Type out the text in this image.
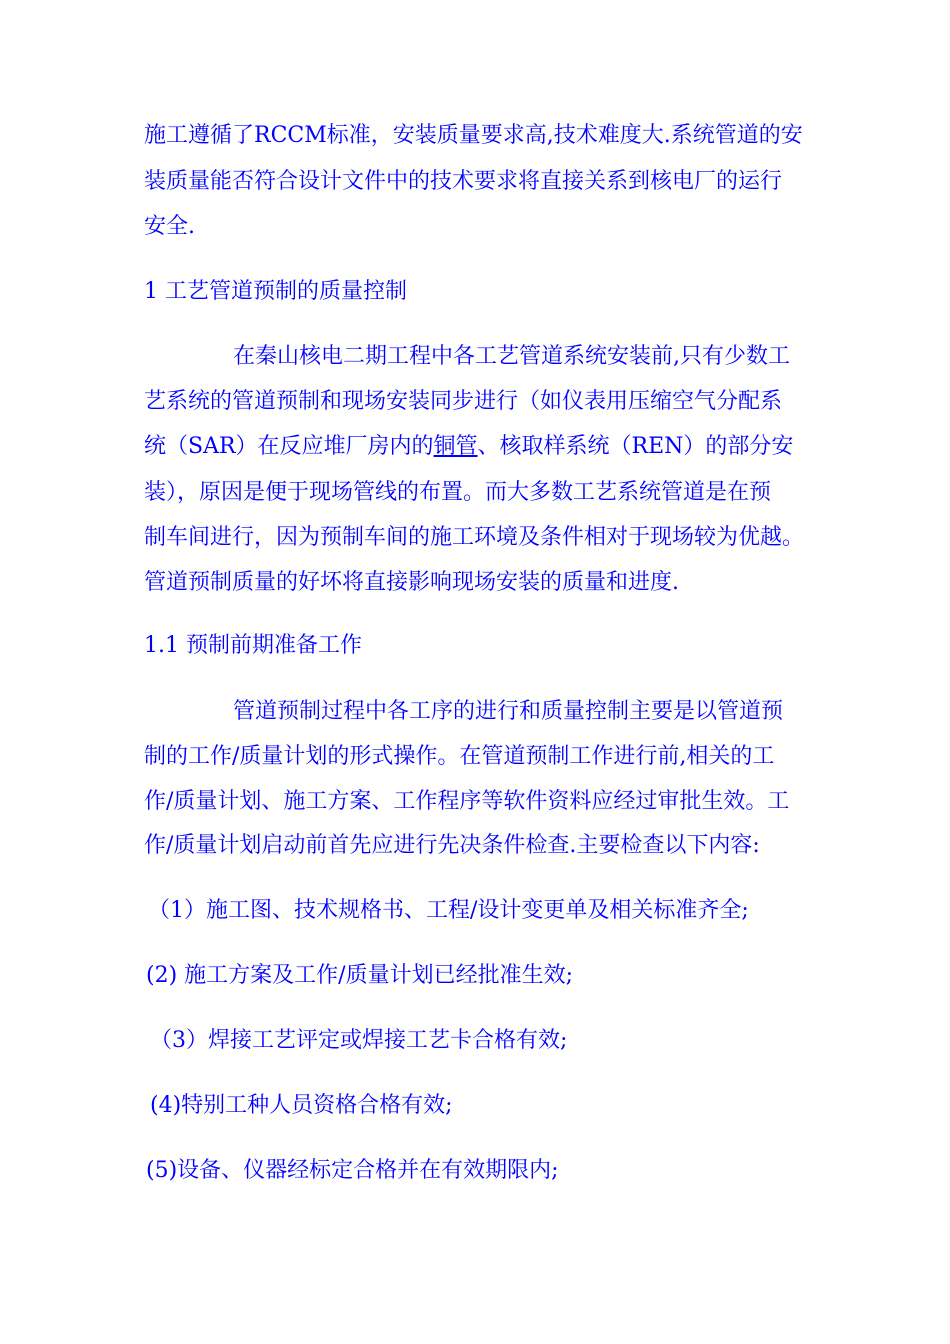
施工遵循了RCCM标准，安装质量要求高,技术难度大.系统管道的安
装质量能否符合设计文件中的技术要求将直接关系到核电厂的运行
安全.
1 工艺管道预制的质量控制
在秦山核电二期工程中各工艺管道系统安装前,只有少数工
艺系统的管道预制和现场安装同步进行（如仪表用压缩空气分配系
统（SAR）在反应堆厂房内的铜管、核取样系统（REN）的部分安
装），原因是便于现场管线的布置。而大多数工艺系统管道是在预
制车间进行，因为预制车间的施工环境及条件相对于现场较为优越。
管道预制质量的好坏将直接影响现场安装的质量和进度.
1.1 预制前期准备工作
管道预制过程中各工序的进行和质量控制主要是以管道预
制的工作/质量计划的形式操作。在管道预制工作进行前,相关的工
作/质量计划、施工方案、工作程序等软件资料应经过审批生效。工
作/质量计划启动前首先应进行先决条件检查.主要检查以下内容:
（1）施工图、技术规格书、工程/设计变更单及相关标准齐全;
(2) 施工方案及工作/质量计划已经批准生效;
（3）焊接工艺评定或焊接工艺卡合格有效;
(4)特别工种人员资格合格有效;
(5)设备、仪器经标定合格并在有效期限内;
